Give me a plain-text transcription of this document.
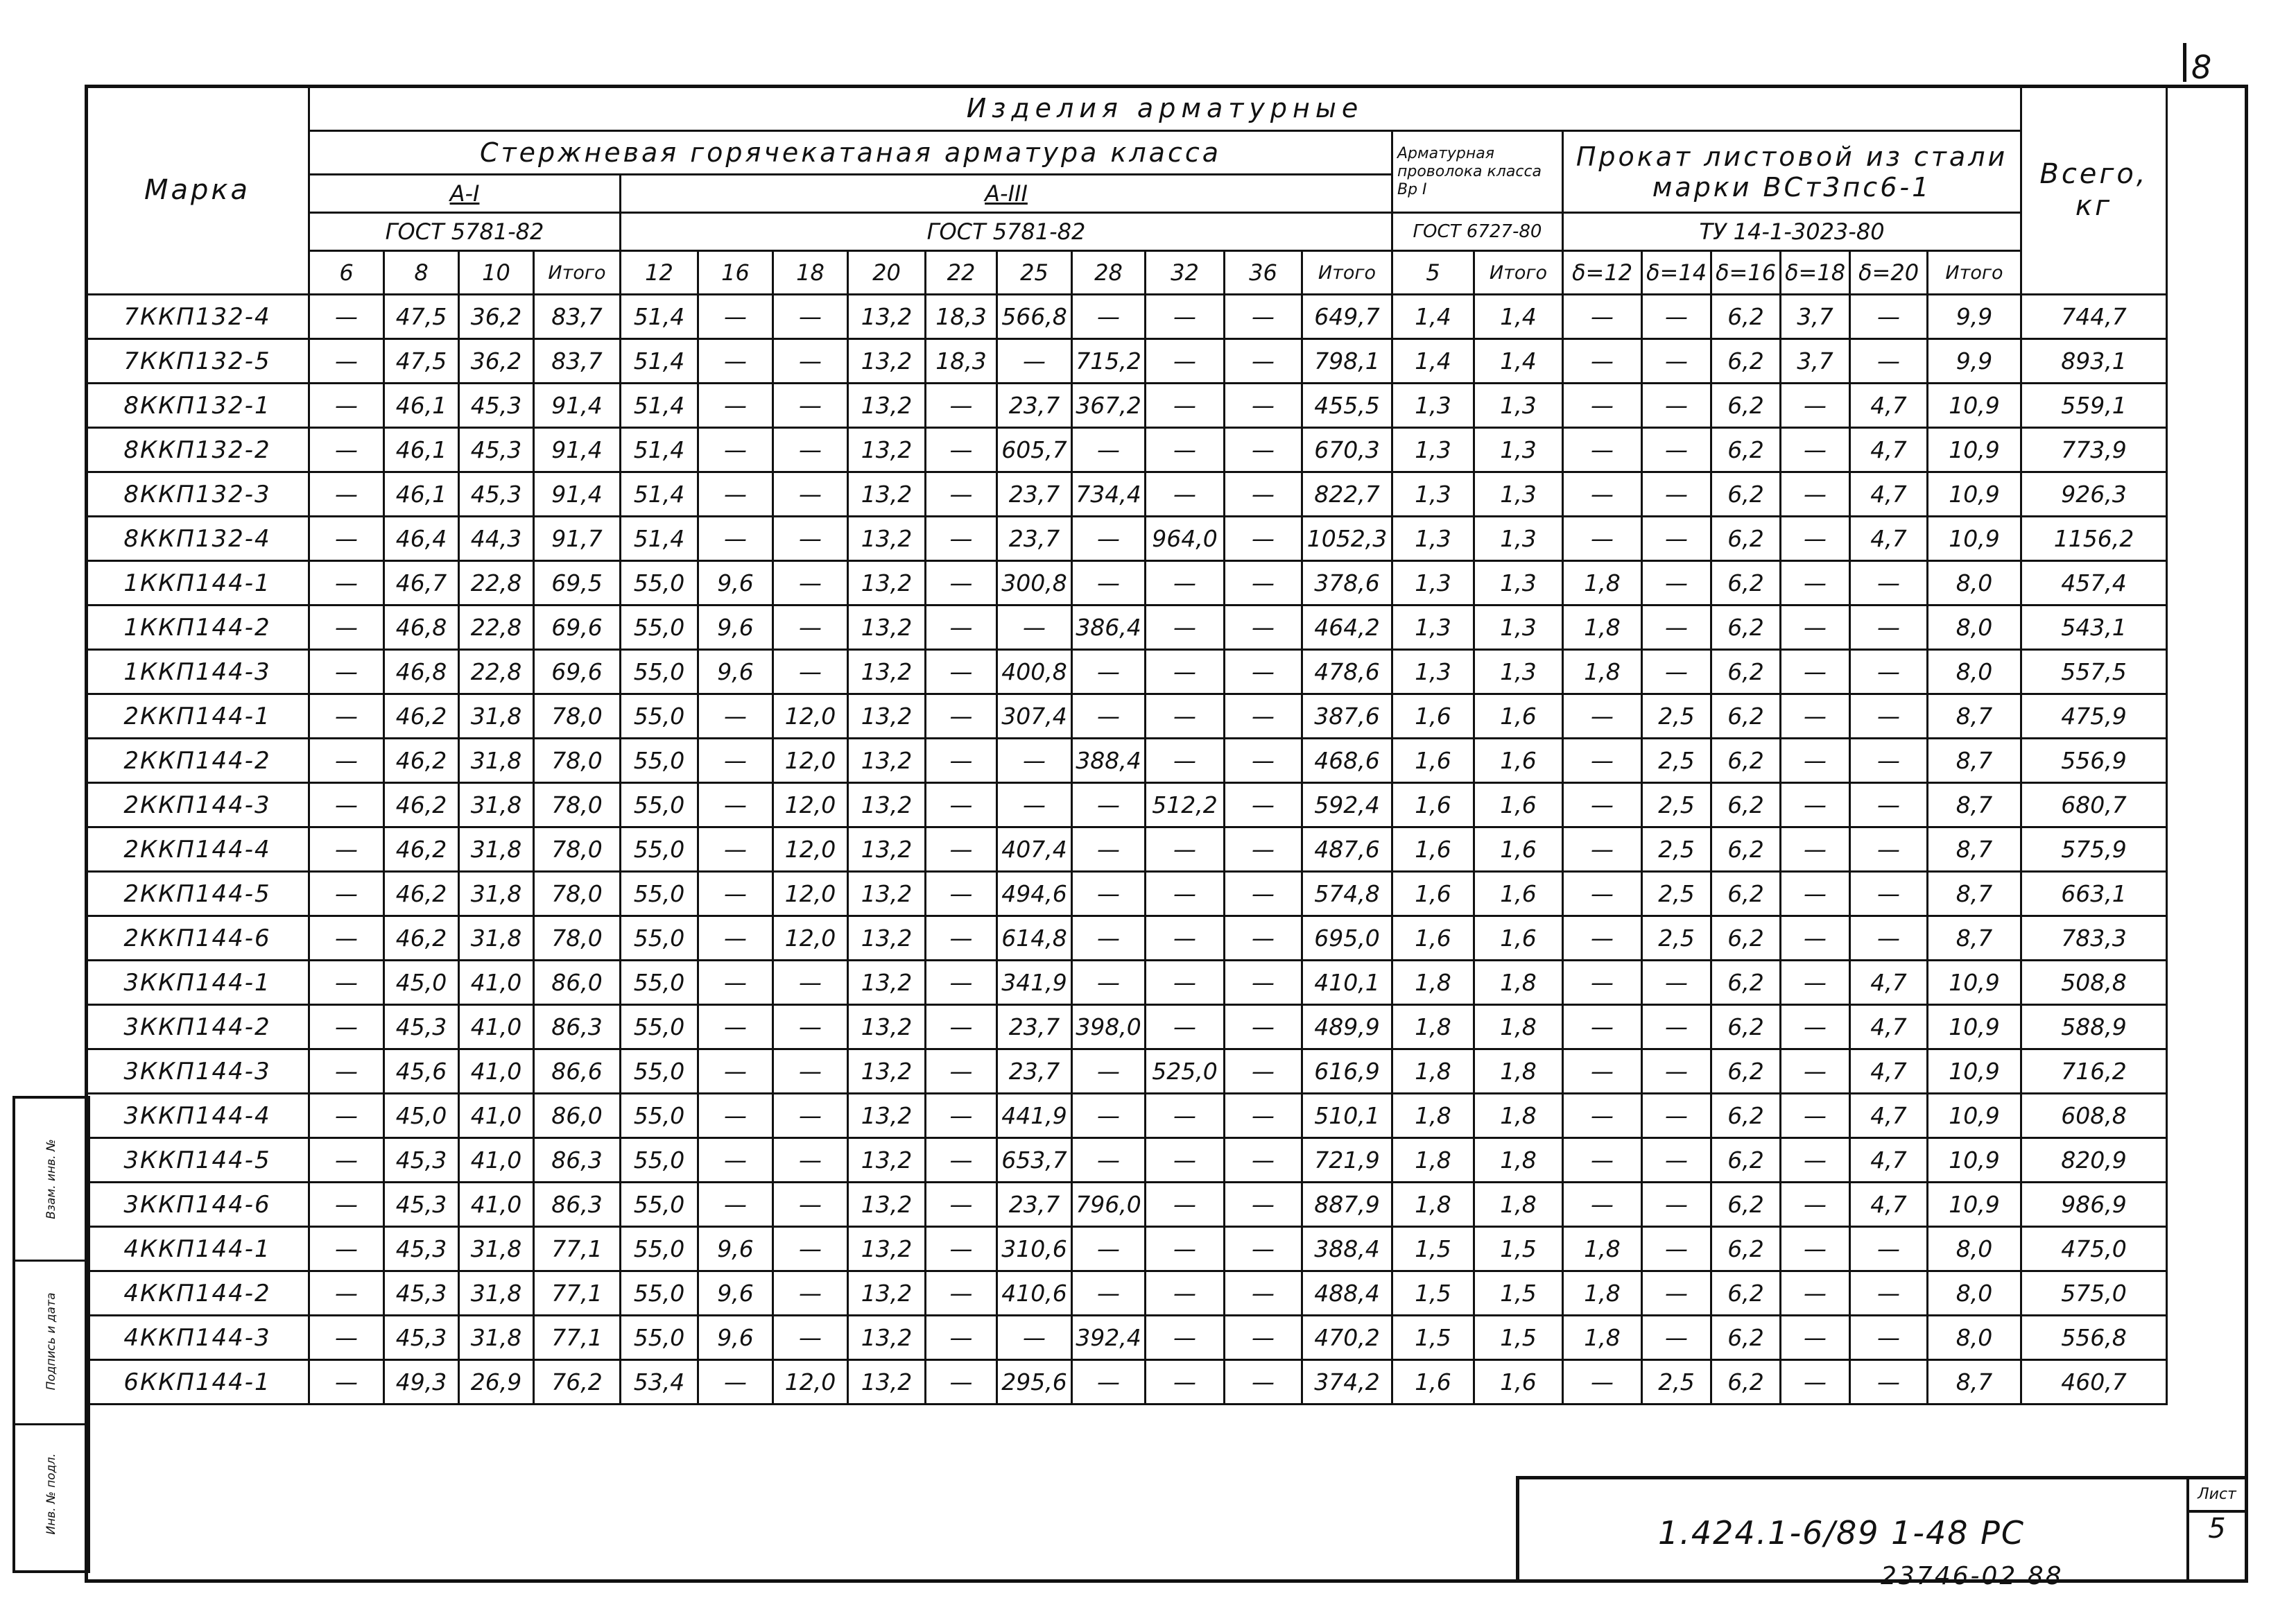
8
Марка	Изделия арматурные																						Всего, кг
	Стержневая горячекатаная арматура класса														Арматурная проволока класса Вр I		Прокат листовой из стали марки ВСт3пс6-1						
	А-I				А-III																		
	ГОСТ 5781-82				ГОСТ 5781-82										ГОСТ 6727-80		ТУ 14-1-3023-80						
	6	8	10	Итого	12	16	18	20	22	25	28	32	36	Итого	5	Итого	δ=12	δ=14	δ=16	δ=18	δ=20	Итого	
7ККП132-4	—	47,5	36,2	83,7	51,4	—	—	13,2	18,3	566,8	—	—	—	649,7	1,4	1,4	—	—	6,2	3,7	—	9,9	744,7
7ККП132-5	—	47,5	36,2	83,7	51,4	—	—	13,2	18,3	—	715,2	—	—	798,1	1,4	1,4	—	—	6,2	3,7	—	9,9	893,1
8ККП132-1	—	46,1	45,3	91,4	51,4	—	—	13,2	—	23,7	367,2	—	—	455,5	1,3	1,3	—	—	6,2	—	4,7	10,9	559,1
8ККП132-2	—	46,1	45,3	91,4	51,4	—	—	13,2	—	605,7	—	—	—	670,3	1,3	1,3	—	—	6,2	—	4,7	10,9	773,9
8ККП132-3	—	46,1	45,3	91,4	51,4	—	—	13,2	—	23,7	734,4	—	—	822,7	1,3	1,3	—	—	6,2	—	4,7	10,9	926,3
8ККП132-4	—	46,4	44,3	91,7	51,4	—	—	13,2	—	23,7	—	964,0	—	1052,3	1,3	1,3	—	—	6,2	—	4,7	10,9	1156,2
1ККП144-1	—	46,7	22,8	69,5	55,0	9,6	—	13,2	—	300,8	—	—	—	378,6	1,3	1,3	1,8	—	6,2	—	—	8,0	457,4
1ККП144-2	—	46,8	22,8	69,6	55,0	9,6	—	13,2	—	—	386,4	—	—	464,2	1,3	1,3	1,8	—	6,2	—	—	8,0	543,1
1ККП144-3	—	46,8	22,8	69,6	55,0	9,6	—	13,2	—	400,8	—	—	—	478,6	1,3	1,3	1,8	—	6,2	—	—	8,0	557,5
2ККП144-1	—	46,2	31,8	78,0	55,0	—	12,0	13,2	—	307,4	—	—	—	387,6	1,6	1,6	—	2,5	6,2	—	—	8,7	475,9
2ККП144-2	—	46,2	31,8	78,0	55,0	—	12,0	13,2	—	—	388,4	—	—	468,6	1,6	1,6	—	2,5	6,2	—	—	8,7	556,9
2ККП144-3	—	46,2	31,8	78,0	55,0	—	12,0	13,2	—	—	—	512,2	—	592,4	1,6	1,6	—	2,5	6,2	—	—	8,7	680,7
2ККП144-4	—	46,2	31,8	78,0	55,0	—	12,0	13,2	—	407,4	—	—	—	487,6	1,6	1,6	—	2,5	6,2	—	—	8,7	575,9
2ККП144-5	—	46,2	31,8	78,0	55,0	—	12,0	13,2	—	494,6	—	—	—	574,8	1,6	1,6	—	2,5	6,2	—	—	8,7	663,1
2ККП144-6	—	46,2	31,8	78,0	55,0	—	12,0	13,2	—	614,8	—	—	—	695,0	1,6	1,6	—	2,5	6,2	—	—	8,7	783,3
3ККП144-1	—	45,0	41,0	86,0	55,0	—	—	13,2	—	341,9	—	—	—	410,1	1,8	1,8	—	—	6,2	—	4,7	10,9	508,8
3ККП144-2	—	45,3	41,0	86,3	55,0	—	—	13,2	—	23,7	398,0	—	—	489,9	1,8	1,8	—	—	6,2	—	4,7	10,9	588,9
3ККП144-3	—	45,6	41,0	86,6	55,0	—	—	13,2	—	23,7	—	525,0	—	616,9	1,8	1,8	—	—	6,2	—	4,7	10,9	716,2
3ККП144-4	—	45,0	41,0	86,0	55,0	—	—	13,2	—	441,9	—	—	—	510,1	1,8	1,8	—	—	6,2	—	4,7	10,9	608,8
3ККП144-5	—	45,3	41,0	86,3	55,0	—	—	13,2	—	653,7	—	—	—	721,9	1,8	1,8	—	—	6,2	—	4,7	10,9	820,9
3ККП144-6	—	45,3	41,0	86,3	55,0	—	—	13,2	—	23,7	796,0	—	—	887,9	1,8	1,8	—	—	6,2	—	4,7	10,9	986,9
4ККП144-1	—	45,3	31,8	77,1	55,0	9,6	—	13,2	—	310,6	—	—	—	388,4	1,5	1,5	1,8	—	6,2	—	—	8,0	475,0
4ККП144-2	—	45,3	31,8	77,1	55,0	9,6	—	13,2	—	410,6	—	—	—	488,4	1,5	1,5	1,8	—	6,2	—	—	8,0	575,0
4ККП144-3	—	45,3	31,8	77,1	55,0	9,6	—	13,2	—	—	392,4	—	—	470,2	1,5	1,5	1,8	—	6,2	—	—	8,0	556,8
6ККП144-1	—	49,3	26,9	76,2	53,4	—	12,0	13,2	—	295,6	—	—	—	374,2	1,6	1,6	—	2,5	6,2	—	—	8,7	460,7
Взам. инв. №
Подпись и дата
Инв. № подл.	1.424.1-6/89 1-48 РС
Лист
5
23746-02 88
